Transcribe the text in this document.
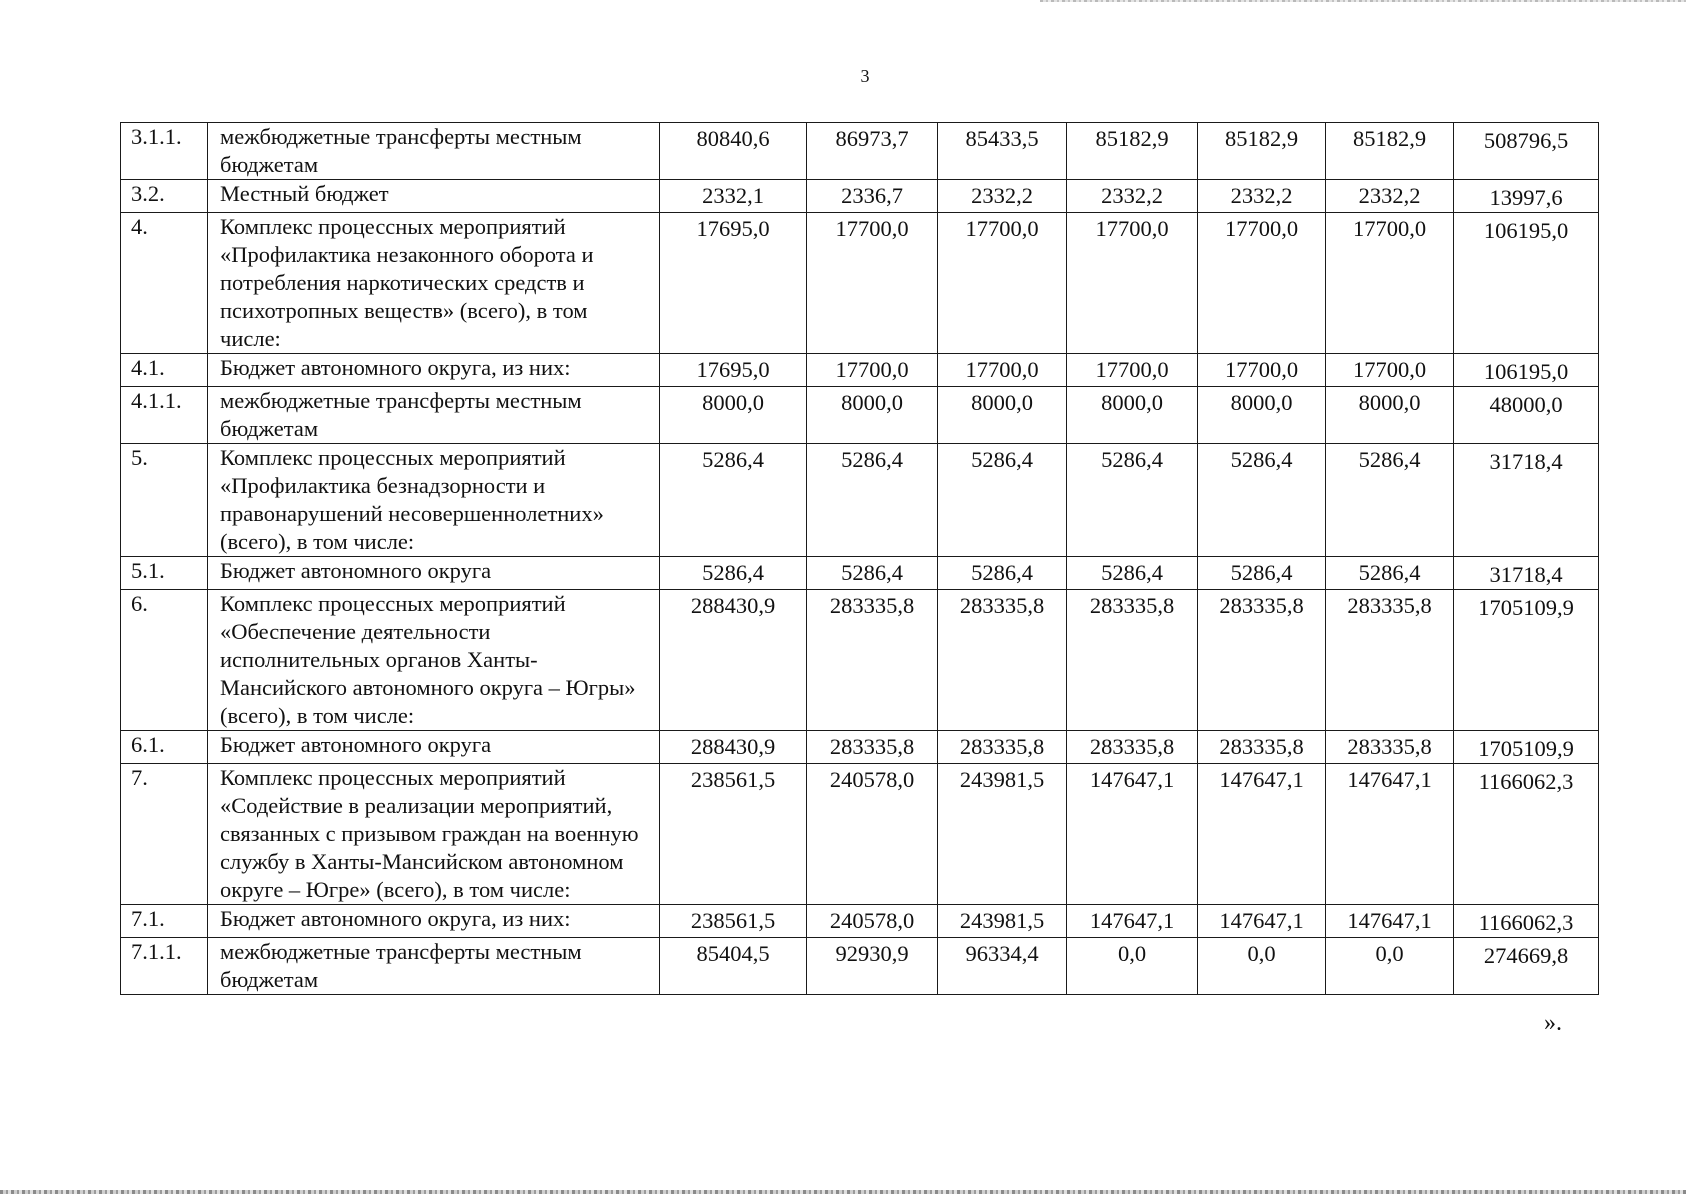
3
3.1.1.	межбюджетные трансферты местным бюджетам	80840,6	86973,7	85433,5	85182,9	85182,9	85182,9	508796,5
3.2.	Местный бюджет	2332,1	2336,7	2332,2	2332,2	2332,2	2332,2	13997,6
4.	Комплекс процессных мероприятий «Профилактика незаконного оборота и потребления наркотических средств и психотропных веществ» (всего), в том числе:	17695,0	17700,0	17700,0	17700,0	17700,0	17700,0	106195,0
4.1.	Бюджет автономного округа, из них:	17695,0	17700,0	17700,0	17700,0	17700,0	17700,0	106195,0
4.1.1.	межбюджетные трансферты местным бюджетам	8000,0	8000,0	8000,0	8000,0	8000,0	8000,0	48000,0
5.	Комплекс процессных мероприятий «Профилактика безнадзорности и правонарушений несовершеннолетних» (всего), в том числе:	5286,4	5286,4	5286,4	5286,4	5286,4	5286,4	31718,4
5.1.	Бюджет автономного округа	5286,4	5286,4	5286,4	5286,4	5286,4	5286,4	31718,4
6.	Комплекс процессных мероприятий «Обеспечение деятельности исполнительных органов Ханты-Мансийского автономного округа – Югры» (всего), в том числе:	288430,9	283335,8	283335,8	283335,8	283335,8	283335,8	1705109,9
6.1.	Бюджет автономного округа	288430,9	283335,8	283335,8	283335,8	283335,8	283335,8	1705109,9
7.	Комплекс процессных мероприятий «Содействие в реализации мероприятий, связанных с призывом граждан на военную службу в Ханты-Мансийском автономном округе – Югре» (всего), в том числе:	238561,5	240578,0	243981,5	147647,1	147647,1	147647,1	1166062,3
7.1.	Бюджет автономного округа, из них:	238561,5	240578,0	243981,5	147647,1	147647,1	147647,1	1166062,3
7.1.1.	межбюджетные трансферты местным бюджетам	85404,5	92930,9	96334,4	0,0	0,0	0,0	274669,8
».
